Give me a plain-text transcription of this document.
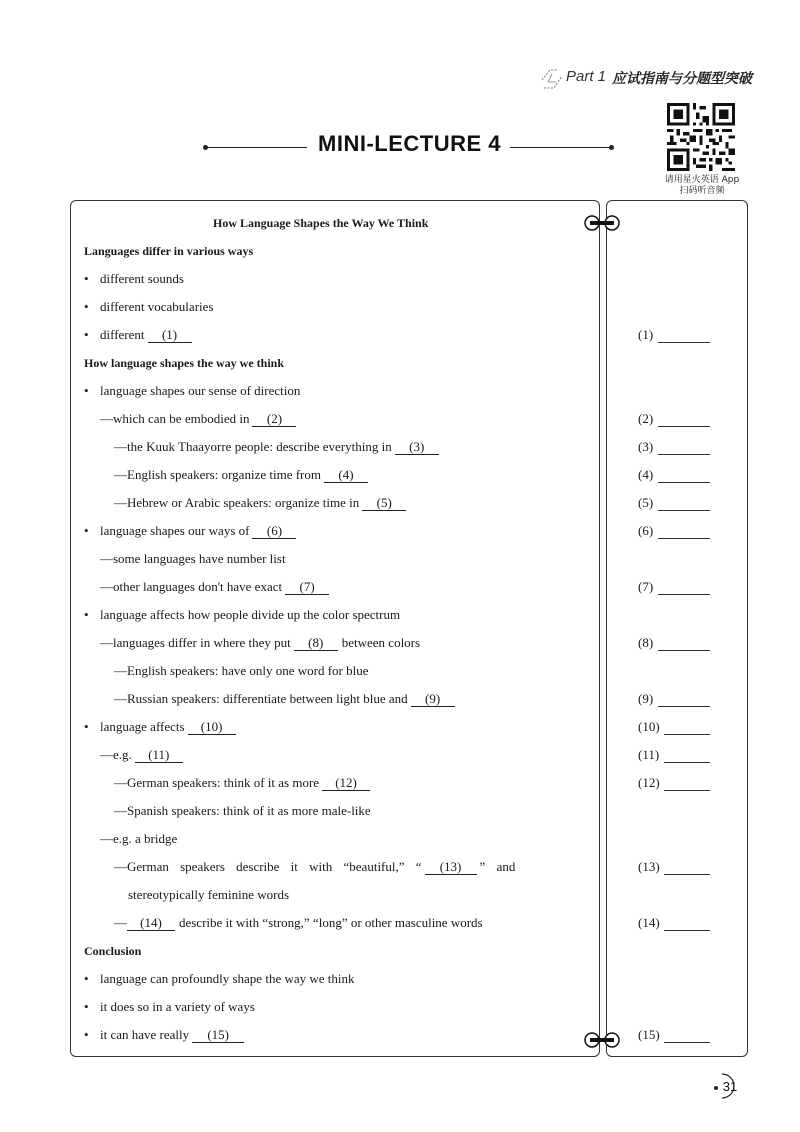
Part 1 应试指南与分题型突破
MINI-LECTURE 4
请用星火英语 App
扫码听音频
How Language Shapes the Way We Think
Languages differ in various ways
• different sounds
• different vocabularies
• different (1)
How language shapes the way we think
• language shapes our sense of direction
—which can be embodied in (2)
—the Kuuk Thaayorre people: describe everything in (3)
—English speakers: organize time from (4)
—Hebrew or Arabic speakers: organize time in (5)
• language shapes our ways of (6)
—some languages have number list
—other languages don't have exact (7)
• language affects how people divide up the color spectrum
—languages differ in where they put (8) between colors
—English speakers: have only one word for blue
—Russian speakers: differentiate between light blue and (9)
• language affects (10)
—e.g. (11)
—German speakers: think of it as more (12)
—Spanish speakers: think of it as more male-like
—e.g. a bridge
—German speakers describe it with “beautiful,” “ (13) ” and
stereotypically feminine words
— (14) describe it with “strong,” “long” or other masculine words
Conclusion
• language can profoundly shape the way we think
• it does so in a variety of ways
• it can have really (15)
(1)
(2)
(3)
(4)
(5)
(6)
(7)
(8)
(9)
(10)
(11)
(12)
(13)
(14)
(15)
31
